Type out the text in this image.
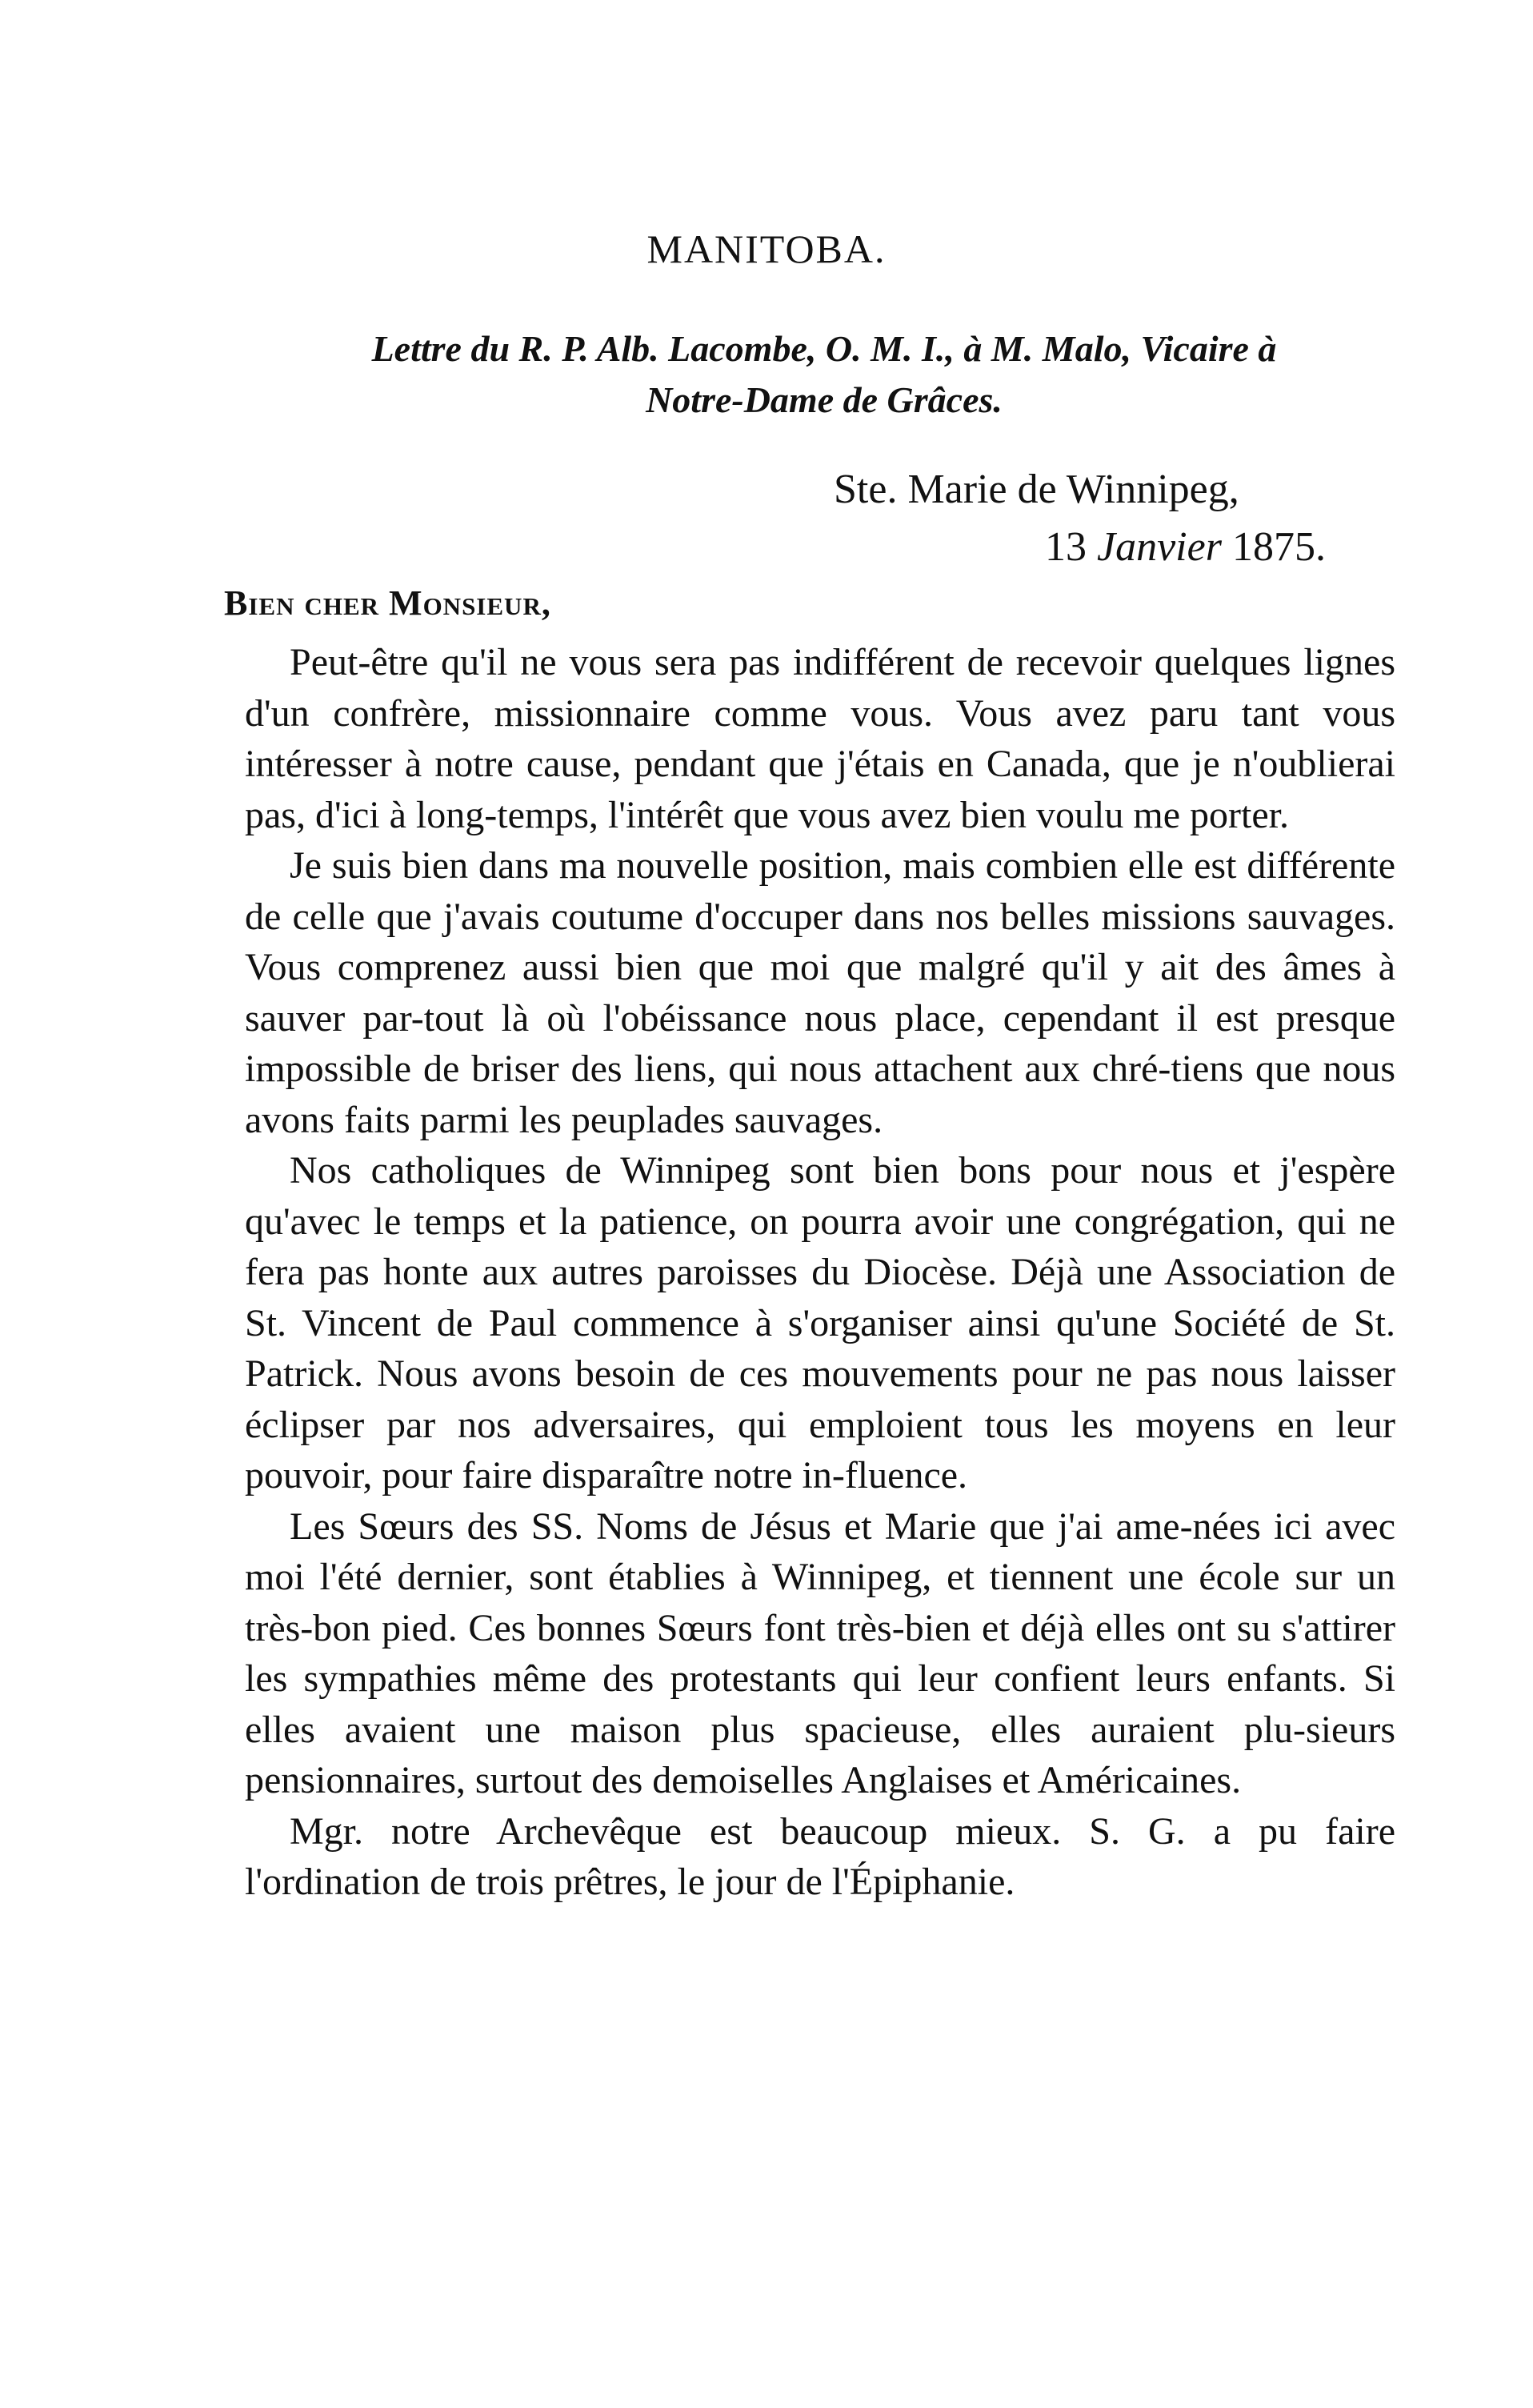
MANITOBA.
Lettre du R. P. Alb. Lacombe, O. M. I., à M. Malo, Vicaire à
Notre-Dame de Grâces.
Ste. Marie de Winnipeg,
13 Janvier 1875.
Bien cher Monsieur,

Peut-être qu'il ne vous sera pas indifférent de recevoir quelques lignes d'un confrère, missionnaire comme vous. Vous avez paru tant vous intéresser à notre cause, pendant que j'étais en Canada, que je n'oublierai pas, d'ici à long-temps, l'intérêt que vous avez bien voulu me porter.

Je suis bien dans ma nouvelle position, mais combien elle est différente de celle que j'avais coutume d'occuper dans nos belles missions sauvages. Vous comprenez aussi bien que moi que malgré qu'il y ait des âmes à sauver par-tout là où l'obéissance nous place, cependant il est presque impossible de briser des liens, qui nous attachent aux chré-tiens que nous avons faits parmi les peuplades sauvages.

Nos catholiques de Winnipeg sont bien bons pour nous et j'espère qu'avec le temps et la patience, on pourra avoir une congrégation, qui ne fera pas honte aux autres paroisses du Diocèse. Déjà une Association de St. Vincent de Paul commence à s'organiser ainsi qu'une Société de St. Patrick. Nous avons besoin de ces mouvements pour ne pas nous laisser éclipser par nos adversaires, qui emploient tous les moyens en leur pouvoir, pour faire disparaître notre in-fluence.

Les Sœurs des SS. Noms de Jésus et Marie que j'ai ame-nées ici avec moi l'été dernier, sont établies à Winnipeg, et tiennent une école sur un très-bon pied. Ces bonnes Sœurs font très-bien et déjà elles ont su s'attirer les sympathies même des protestants qui leur confient leurs enfants. Si elles avaient une maison plus spacieuse, elles auraient plu-sieurs pensionnaires, surtout des demoiselles Anglaises et Américaines.

Mgr. notre Archevêque est beaucoup mieux. S. G. a pu faire l'ordination de trois prêtres, le jour de l'Épiphanie.
